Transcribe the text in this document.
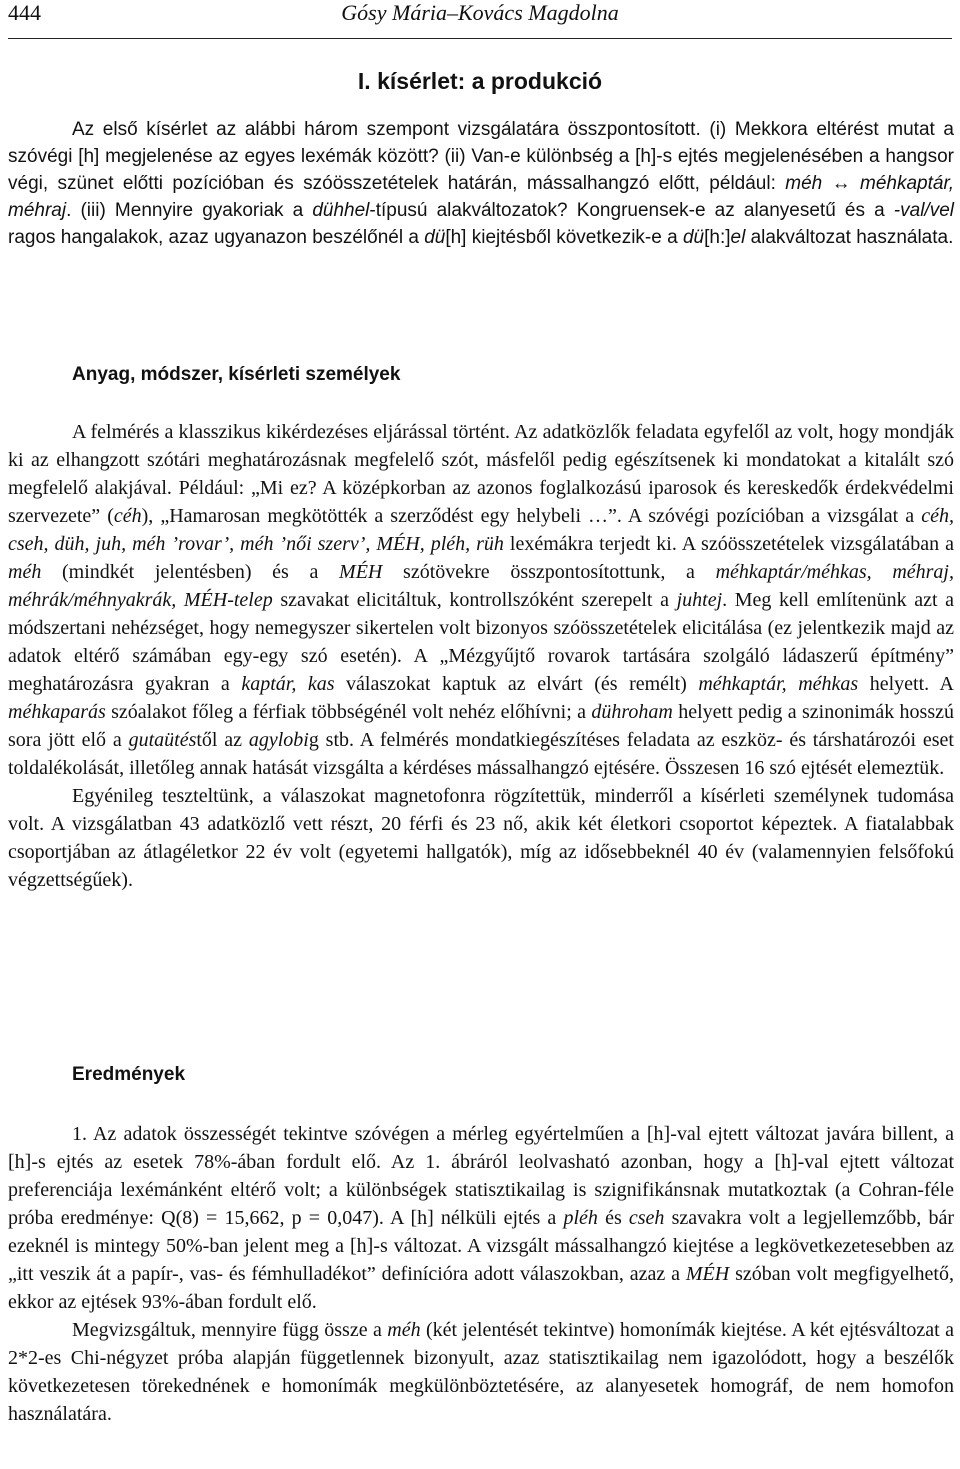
444	Gósy Mária–Kovács Magdolna
I. kísérlet: a produkció
Az első kísérlet az alábbi három szempont vizsgálatára összpontosított. (i) Mekkora eltérést mutat a szóvégi [h] megjelenése az egyes lexémák között? (ii) Van-e különbség a [h]-s ejtés megjelenésében a hangsor végi, szünet előtti pozícióban és szóösszetételek határán, mássalhangzó előtt, például: méh ↔ méhkaptár, méhraj. (iii) Mennyire gyakoriak a dühhel-típusú alakváltozatok? Kongruensek-e az alanyesetű és a -val/vel ragos hangalakok, azaz ugyanazon beszélőnél a dü[h] kiejtésből következik-e a dü[h:]el alakváltozat használata.
Anyag, módszer, kísérleti személyek

A felmérés a klasszikus kikérdezéses eljárással történt. Az adatközlők feladata egyfelől az volt, hogy mondják ki az elhangzott szótári meghatározásnak megfelelő szót, másfelől pedig egészítsenek ki mondatokat a kitalált szó megfelelő alakjával. Például: „Mi ez? A középkorban az azonos foglalkozású iparosok és kereskedők érdekvédelmi szervezete” (céh), „Hamarosan megkötötték a szerződést egy helybeli …”. A szóvégi pozícióban a vizsgálat a céh, cseh, düh, juh, méh ’rovar’, méh ’női szerv’, MÉH, pléh, rüh lexémákra terjedt ki. A szóösszetételek vizsgálatában a méh (mindkét jelentésben) és a MÉH szótövekre összpontosítottunk, a méhkaptár/méhkas, méhraj, méhrák/méhnyakrák, MÉH-telep szavakat elicitáltuk, kontrollszóként szerepelt a juhtej. Meg kell említenünk azt a módszertani nehézséget, hogy nemegyszer sikertelen volt bizonyos szóösszetételek elicitálása (ez jelentkezik majd az adatok eltérő számában egy-egy szó esetén). A „Mézgyűjtő rovarok tartására szolgáló ládaszerű építmény” meghatározásra gyakran a kaptár, kas válaszokat kaptuk az elvárt (és remélt) méhkaptár, méhkas helyett. A méhkaparás szóalakot főleg a férfiak többségénél volt nehéz előhívni; a dühroham helyett pedig a szinonimák hosszú sora jött elő a gutaütéstől az agylobig stb. A felmérés mondatkiegészítéses feladata az eszköz- és társhatározói eset toldalékolását, illetőleg annak hatását vizsgálta a kérdéses mássalhangzó ejtésére. Összesen 16 szó ejtését elemeztük.

Egyénileg teszteltünk, a válaszokat magnetofonra rögzítettük, minderről a kísérleti személynek tudomása volt. A vizsgálatban 43 adatközlő vett részt, 20 férfi és 23 nő, akik két életkori csoportot képeztek. A fiatalabbak csoportjában az átlagéletkor 22 év volt (egyetemi hallgatók), míg az idősebbeknél 40 év (valamennyien felsőfokú végzettségűek).

Eredmények

1. Az adatok összességét tekintve szóvégen a mérleg egyértelműen a [h]-val ejtett változat javára billent, a [h]-s ejtés az esetek 78%-ában fordult elő. Az 1. ábráról leolvasható azonban, hogy a [h]-val ejtett változat preferenciája lexémánként eltérő volt; a különbségek statisztikailag is szignifikánsnak mutatkoztak (a Cohran-féle próba eredménye: Q(8) = 15,662, p = 0,047). A [h] nélküli ejtés a pléh és cseh szavakra volt a legjellemzőbb, bár ezeknél is mintegy 50%-ban jelent meg a [h]-s változat. A vizsgált mássalhangzó kiejtése a legkövetkezetesebben az „itt veszik át a papír-, vas- és fémhulladékot” definícióra adott válaszokban, azaz a MÉH szóban volt megfigyelhető, ekkor az ejtések 93%-ában fordult elő.

Megvizsgáltuk, mennyire függ össze a méh (két jelentését tekintve) homonímák kiejtése. A két ejtésváltozat a 2*2-es Chi-négyzet próba alapján függetlennek bizonyult, azaz statisztikailag nem igazolódott, hogy a beszélők következetesen törekednének e homonímák megkülönböztetésére, az alanyesetek homográf, de nem homofon használatára.
